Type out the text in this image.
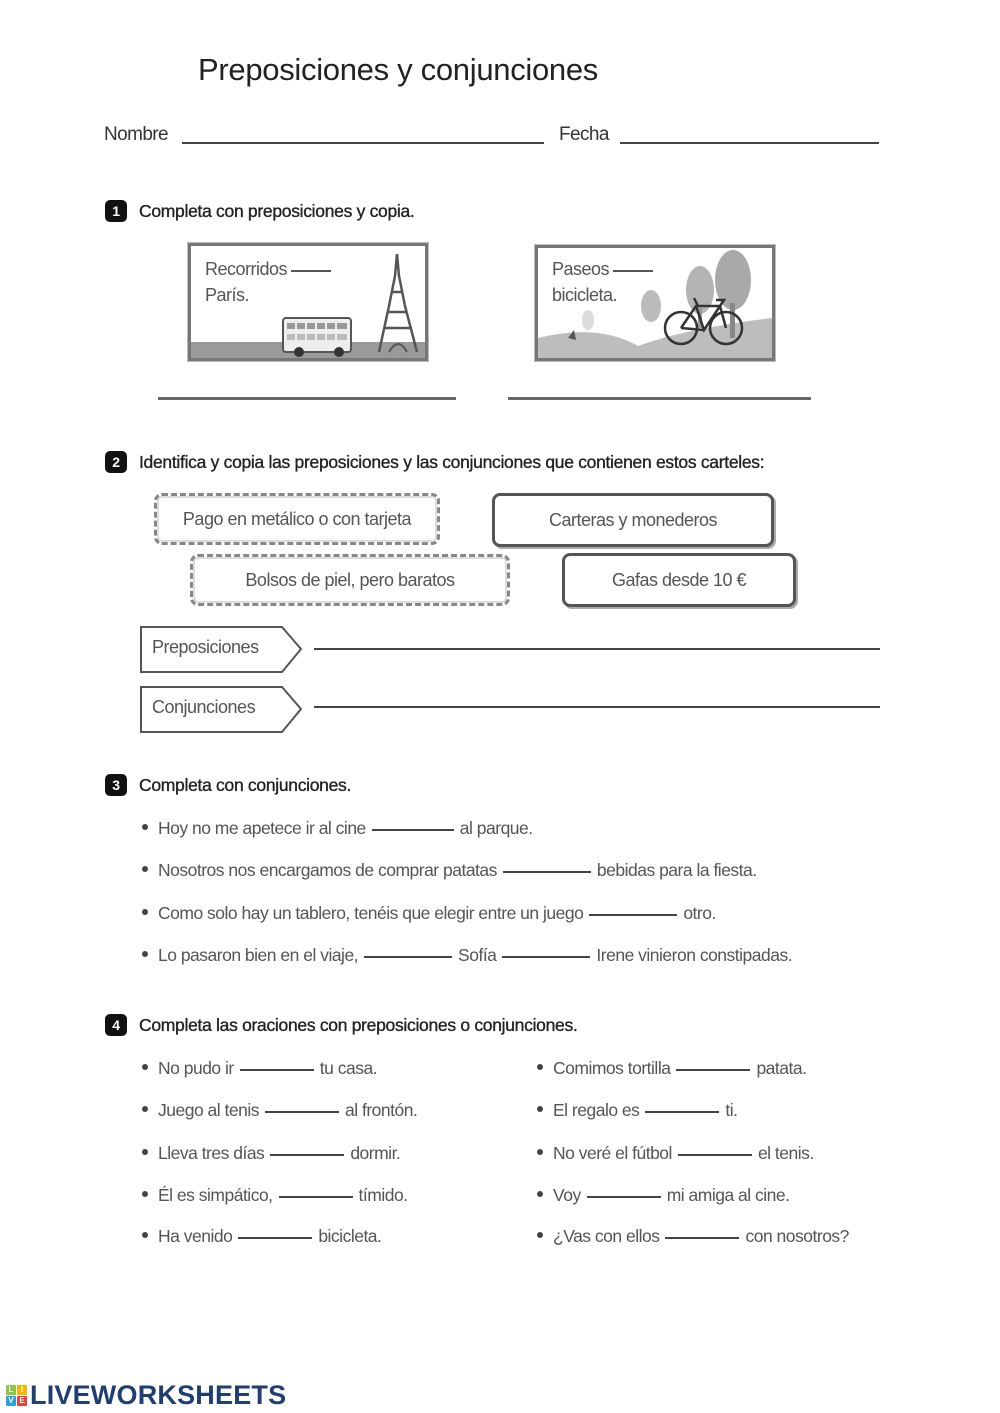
Preposiciones y conjunciones
Nombre	Fecha
1	Completa con preposiciones y copia.
Recorridos
París.
Paseos
bicicleta.
2	Identifica y copia las preposiciones y las conjunciones que contienen estos carteles:
Pago en metálico o con tarjeta	Carteras y monederos
Bolsos de piel, pero baratos	Gafas desde 10 €
Preposiciones
Conjunciones
3	Completa con conjunciones.
Hoy no me apetece ir al cine	al parque.
Nosotros nos encargamos de comprar patatas	bebidas para la fiesta.
Como solo hay un tablero, tenéis que elegir entre un juego	otro.
Lo pasaron bien en el viaje,	Sofía	Irene vinieron constipadas.
4	Completa las oraciones con preposiciones o conjunciones.
No pudo ir	tu casa.
Juego al tenis	al frontón.
Lleva tres días	dormir.
Él es simpático,	tímido.
Ha venido	bicicleta.
Comimos tortilla	patata.
El regalo es	ti.
No veré el fútbol	el tenis.
Voy	mi amiga al cine.
¿Vas con ellos	con nosotros?
L I
V E LIVEWORKSHEETS
